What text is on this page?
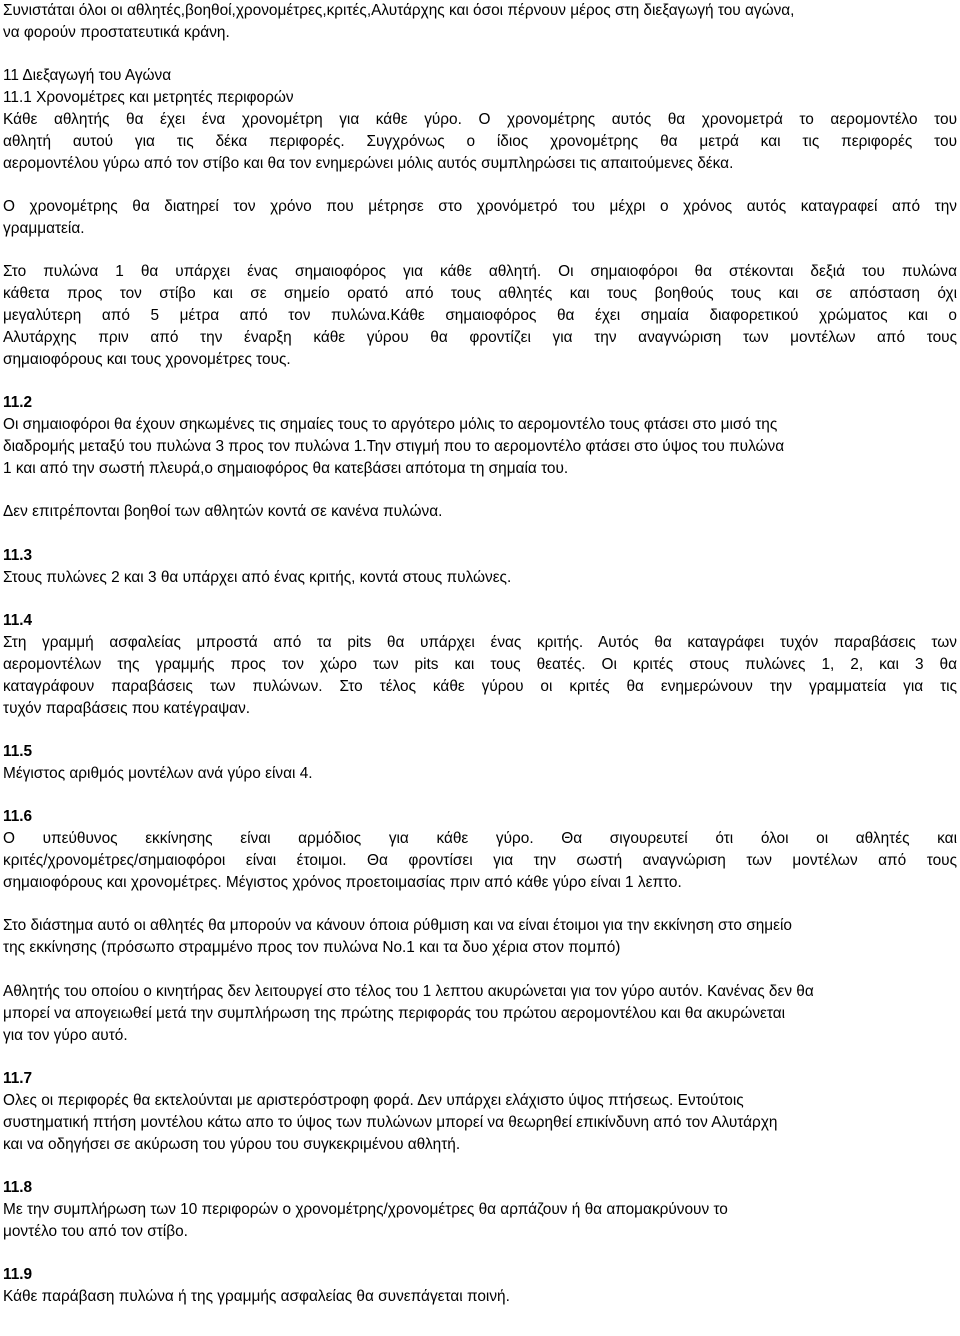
Συνιστάται όλοι οι αθλητές,βοηθοί,χρονομέτρες,κριτές,Αλυτάρχης και όσοι πέρνουν μέρος στη διεξαγωγή του αγώνα,

να φορούν προστατευτικά κράνη.

11 Διεξαγωγή του Αγώνα

11.1 Χρονομέτρες και μετρητές περιφορών

Κάθε αθλητής θα έχει ένα χρονομέτρη για κάθε γύρο. Ο χρονομέτρης αυτός θα χρονομετρά το αερομοντέλο του

αθλητή αυτού για τις δέκα περιφορές. Συγχρόνως ο ίδιος χρονομέτρης θα μετρά και τις περιφορές του

αερομοντέλου γύρω από τον στίβο και θα τον ενημερώνει μόλις αυτός συμπληρώσει τις απαιτούμενες δέκα.

Ο χρονομέτρης θα διατηρεί τον χρόνο που μέτρησε στο χρονόμετρό του μέχρι ο χρόνος αυτός καταγραφεί από την

γραμματεία.

Στο πυλώνα 1 θα υπάρχει ένας σημαιοφόρος για κάθε αθλητή. Οι σημαιοφόροι θα στέκονται δεξιά του πυλώνα

κάθετα προς τον στίβο και σε σημείο ορατό από τους αθλητές και τους βοηθούς τους και σε απόσταση όχι

μεγαλύτερη από 5 μέτρα από τον πυλώνα.Κάθε σημαιοφόρος θα έχει σημαία διαφορετικού χρώματος και ο

Αλυτάρχης πριν από την έναρξη κάθε γύρου θα φροντίζει για την αναγνώριση των μοντέλων από τους

σημαιοφόρους και τους χρονομέτρες τους.

11.2

Οι σημαιοφόροι θα έχουν σηκωμένες τις σημαίες τους το αργότερο μόλις το αερομοντέλο τους φτάσει στο μισό της

διαδρομής μεταξύ του πυλώνα 3 προς τον πυλώνα 1.Την στιγμή που το αερομοντέλο φτάσει στο ύψος του πυλώνα

1 και από την σωστή πλευρά,ο σημαιοφόρος θα κατεβάσει απότομα τη σημαία του.

Δεν επιτρέπονται βοηθοί των αθλητών κοντά σε κανένα πυλώνα.

11.3

Στους πυλώνες 2 και 3 θα υπάρχει από ένας κριτής, κοντά στους πυλώνες.

11.4

Στη γραμμή ασφαλείας μπροστά από τα pits θα υπάρχει ένας κριτής. Αυτός θα καταγράφει τυχόν παραβάσεις των

αερομοντέλων της γραμμής προς τον χώρο των pits και τους θεατές. Οι κριτές στους πυλώνες 1, 2, και 3 θα

καταγράφουν παραβάσεις των πυλώνων. Στο τέλος κάθε γύρου οι κριτές θα ενημερώνουν την γραμματεία για τις

τυχόν παραβάσεις που κατέγραψαν.

11.5

Μέγιστος αριθμός μοντέλων ανά γύρο είναι 4.

11.6

Ο υπεύθυνος εκκίνησης είναι αρμόδιος για κάθε γύρο. Θα σιγουρευτεί ότι όλοι οι αθλητές και

κριτές/χρονομέτρες/σημαιοφόροι είναι έτοιμοι. Θα φροντίσει για την σωστή αναγνώριση των μοντέλων από τους

σημαιοφόρους και χρονομέτρες. Μέγιστος χρόνος προετοιμασίας πριν από κάθε γύρο είναι 1 λεπτο.

Στο διάστημα αυτό οι αθλητές θα μπορούν να κάνουν όποια ρύθμιση και να είναι έτοιμοι για την εκκίνηση στο σημείο

της εκκίνησης (πρόσωπο στραμμένο προς τον πυλώνα Νο.1 και τα δυο χέρια στον πομπό)

Αθλητής του οποίου ο κινητήρας δεν λειτουργεί στο τέλος του 1 λεπτου ακυρώνεται για τον γύρο αυτόν. Κανένας δεν θα

μπορεί να απογειωθεί μετά την συμπλήρωση της πρώτης περιφοράς του πρώτου αερομοντέλου και θα ακυρώνεται

για τον γύρο αυτό.

11.7

Ολες οι περιφορές θα εκτελούνται με αριστερόστροφη φορά. Δεν υπάρχει ελάχιστο ύψος πτήσεως. Εντούτοις

συστηματική πτήση μοντέλου κάτω απο το ύψος των πυλώνων μπορεί να θεωρηθεί επικίνδυνη από τον Αλυτάρχη

και να οδηγήσει σε ακύρωση του γύρου του συγκεκριμένου αθλητή.

11.8

Με την συμπλήρωση των 10 περιφορών ο χρονομέτρης/χρονομέτρες θα αρπάζουν ή θα απομακρύνουν το

μοντέλο του από τον στίβο.

11.9

Κάθε παράβαση πυλώνα ή της γραμμής ασφαλείας θα συνεπάγεται ποινή.
